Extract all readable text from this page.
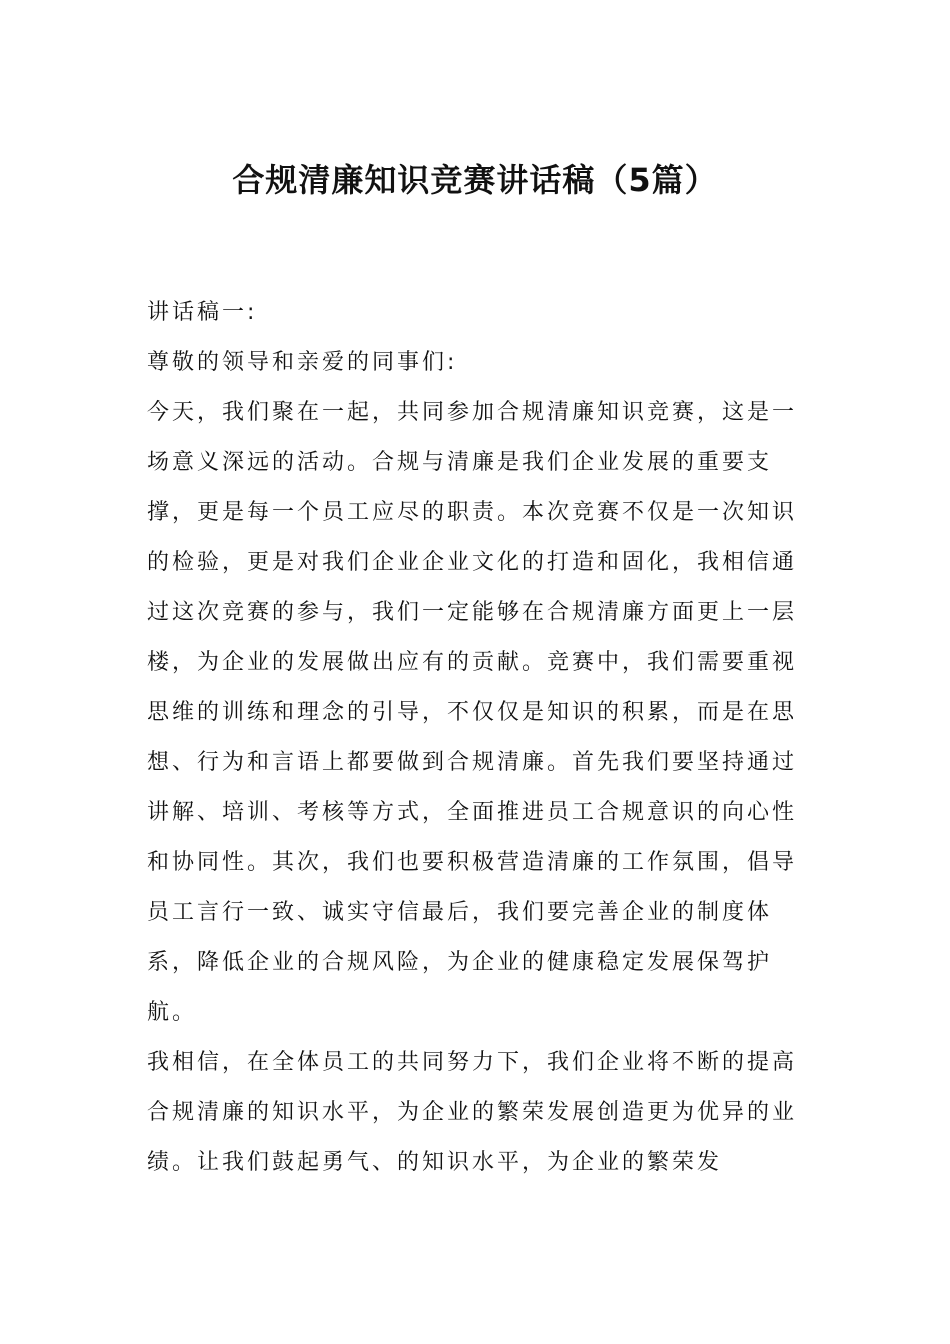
合规清廉知识竞赛讲话稿（5篇）

讲话稿一:

尊敬的领导和亲爱的同事们:

今天，我们聚在一起，共同参加合规清廉知识竞赛，这是一场意义深远的活动。合规与清廉是我们企业发展的重要支撑，更是每一个员工应尽的职责。本次竞赛不仅是一次知识的检验，更是对我们企业企业文化的打造和固化，我相信通过这次竞赛的参与，我们一定能够在合规清廉方面更上一层楼，为企业的发展做出应有的贡献。竞赛中，我们需要重视思维的训练和理念的引导，不仅仅是知识的积累，而是在思想、行为和言语上都要做到合规清廉。首先我们要坚持通过讲解、培训、考核等方式，全面推进员工合规意识的向心性和协同性。其次，我们也要积极营造清廉的工作氛围，倡导员工言行一致、诚实守信最后，我们要完善企业的制度体系，降低企业的合规风险，为企业的健康稳定发展保驾护航。

我相信，在全体员工的共同努力下，我们企业将不断的提高合规清廉的知识水平，为企业的繁荣发展创造更为优异的业绩。让我们鼓起勇气、的知识水平，为企业的繁荣发
